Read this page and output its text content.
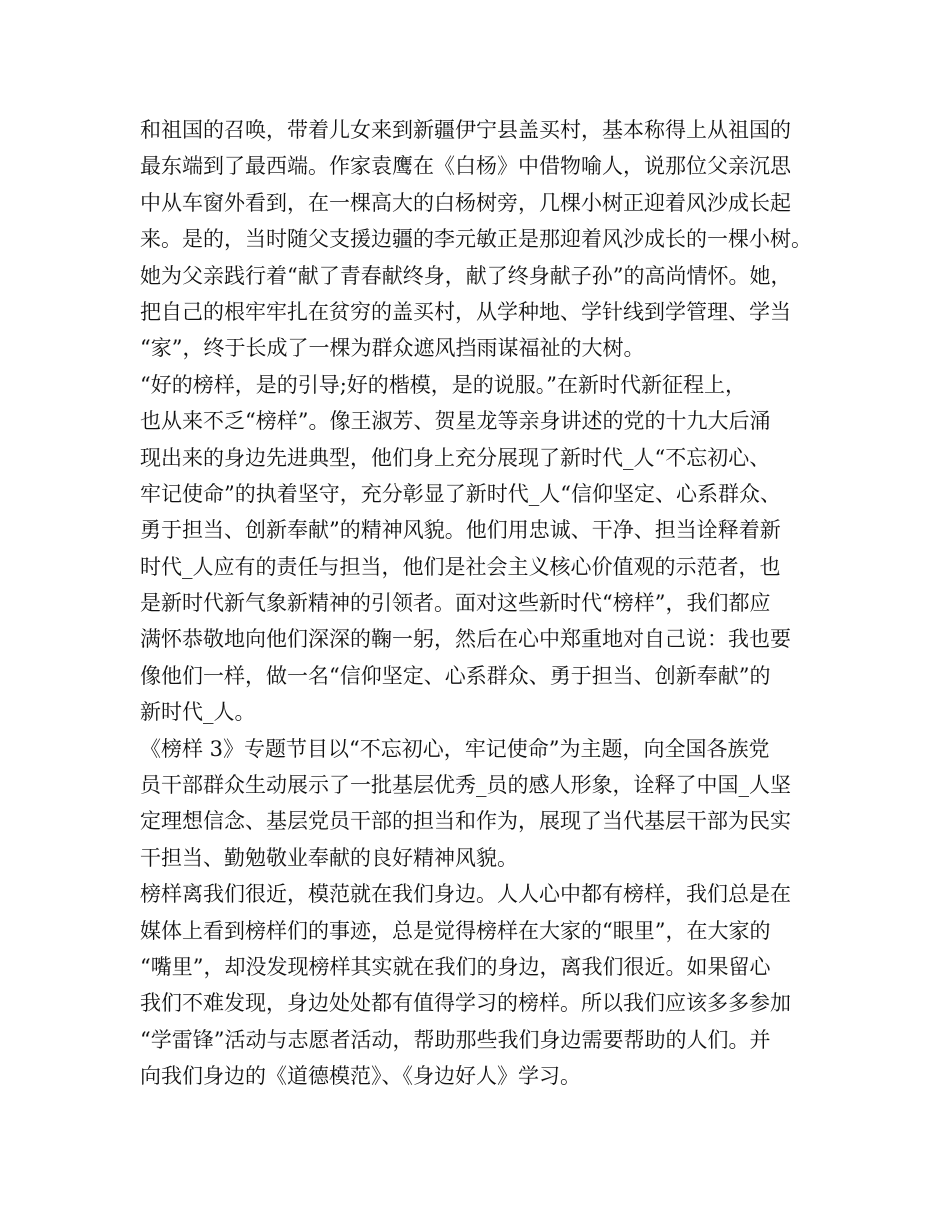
和祖国的召唤，带着儿女来到新疆伊宁县盖买村，基本称得上从祖国的
最东端到了最西端。作家袁鹰在《白杨》中借物喻人，说那位父亲沉思
中从车窗外看到，在一棵高大的白杨树旁，几棵小树正迎着风沙成长起
来。是的，当时随父支援边疆的李元敏正是那迎着风沙成长的一棵小树。
她为父亲践行着“献了青春献终身，献了终身献子孙”的高尚情怀。她，
把自己的根牢牢扎在贫穷的盖买村，从学种地、学针线到学管理、学当
“家”，终于长成了一棵为群众遮风挡雨谋福祉的大树。
“好的榜样，是的引导;好的楷模，是的说服。”在新时代新征程上，
也从来不乏“榜样”。像王淑芳、贺星龙等亲身讲述的党的十九大后涌
现出来的身边先进典型，他们身上充分展现了新时代_人“不忘初心、
牢记使命”的执着坚守，充分彰显了新时代_人“信仰坚定、心系群众、
勇于担当、创新奉献”的精神风貌。他们用忠诚、干净、担当诠释着新
时代_人应有的责任与担当，他们是社会主义核心价值观的示范者，也
是新时代新气象新精神的引领者。面对这些新时代“榜样”，我们都应
满怀恭敬地向他们深深的鞠一躬，然后在心中郑重地对自己说：我也要
像他们一样，做一名“信仰坚定、心系群众、勇于担当、创新奉献”的
新时代_人。
《榜样 3》专题节目以“不忘初心，牢记使命”为主题，向全国各族党
员干部群众生动展示了一批基层优秀_员的感人形象，诠释了中国_人坚
定理想信念、基层党员干部的担当和作为，展现了当代基层干部为民实
干担当、勤勉敬业奉献的良好精神风貌。
榜样离我们很近，模范就在我们身边。人人心中都有榜样，我们总是在
媒体上看到榜样们的事迹，总是觉得榜样在大家的“眼里”，在大家的
“嘴里”，却没发现榜样其实就在我们的身边，离我们很近。如果留心
我们不难发现，身边处处都有值得学习的榜样。所以我们应该多多参加
“学雷锋”活动与志愿者活动，帮助那些我们身边需要帮助的人们。并
向我们身边的《道德模范》、《身边好人》学习。
